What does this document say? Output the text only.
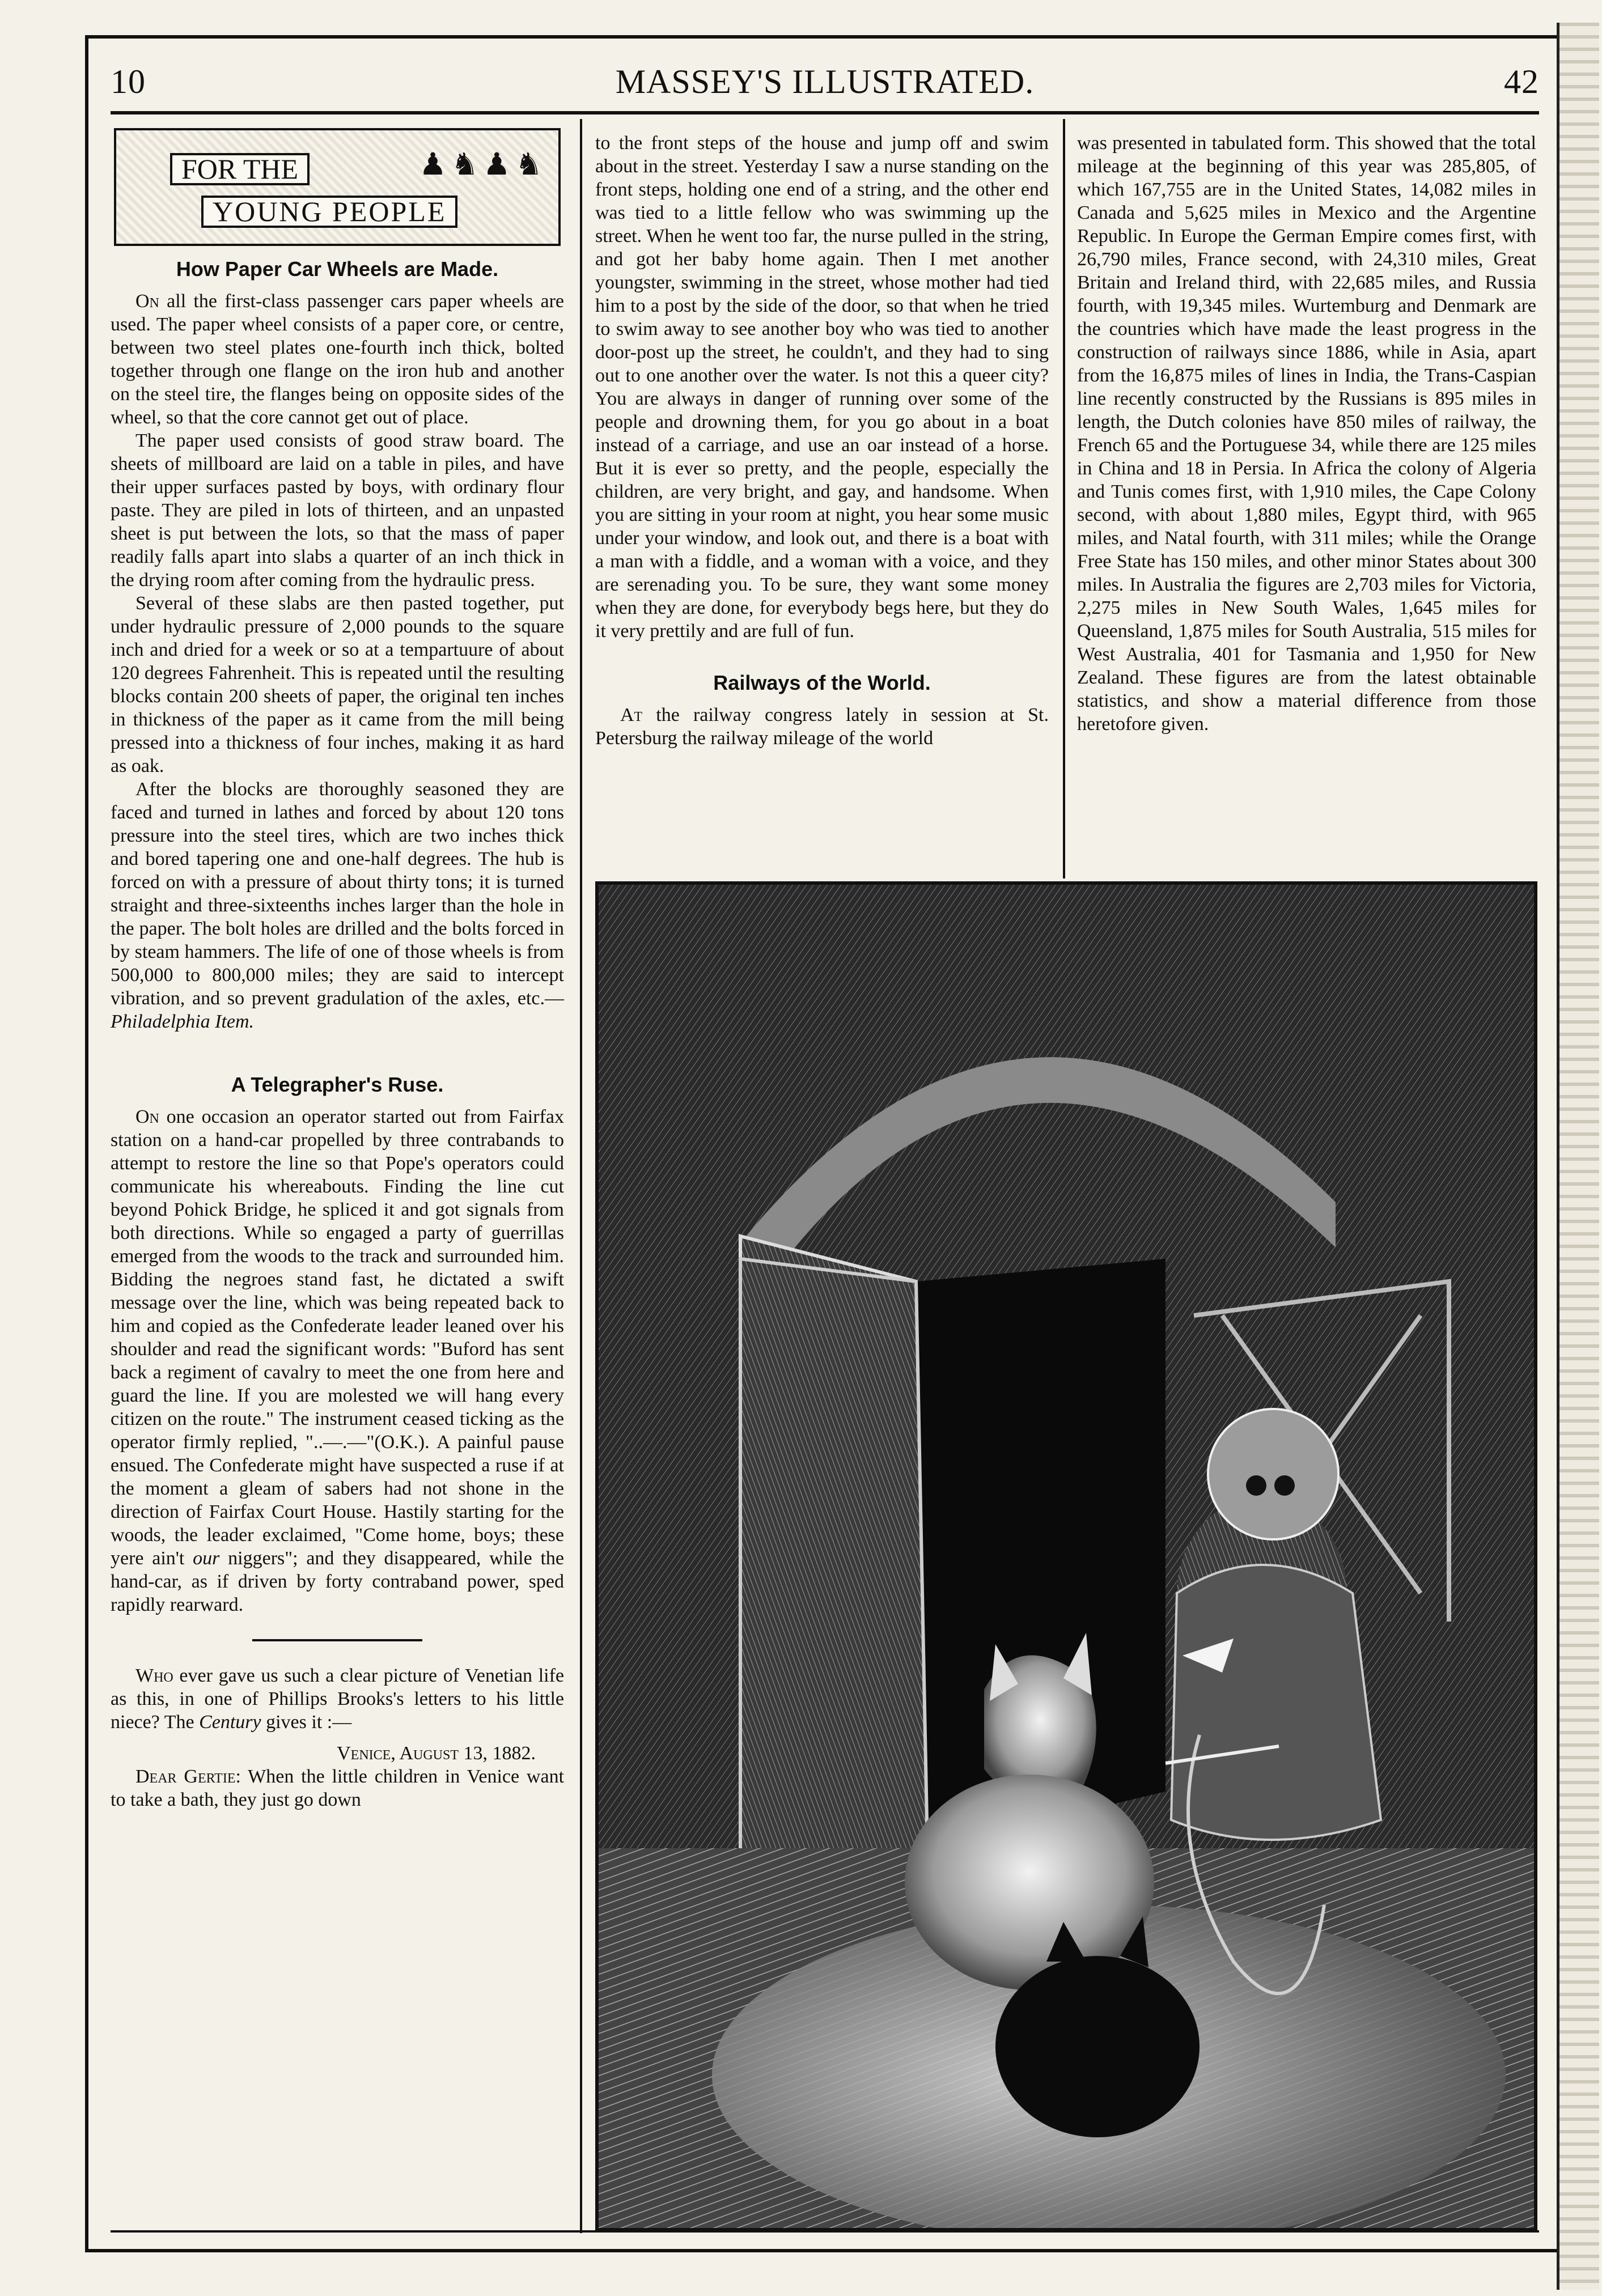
10	MASSEY'S ILLUSTRATED.	42
FOR THE
YOUNG PEOPLE
♟♞♟♞
How Paper Car Wheels are Made.

On all the first-class passenger cars paper wheels are used. The paper wheel consists of a paper core, or centre, between two steel plates one-fourth inch thick, bolted together through one flange on the iron hub and another on the steel tire, the flanges being on opposite sides of the wheel, so that the core cannot get out of place.

The paper used consists of good straw board. The sheets of millboard are laid on a table in piles, and have their upper surfaces pasted by boys, with ordinary flour paste. They are piled in lots of thirteen, and an unpasted sheet is put between the lots, so that the mass of paper readily falls apart into slabs a quarter of an inch thick in the drying room after coming from the hydraulic press.

Several of these slabs are then pasted together, put under hydraulic pressure of 2,000 pounds to the square inch and dried for a week or so at a tempartuure of about 120 degrees Fahrenheit. This is repeated until the resulting blocks contain 200 sheets of paper, the original ten inches in thickness of the paper as it came from the mill being pressed into a thickness of four inches, making it as hard as oak.

After the blocks are thoroughly seasoned they are faced and turned in lathes and forced by about 120 tons pressure into the steel tires, which are two inches thick and bored tapering one and one-half degrees. The hub is forced on with a pressure of about thirty tons; it is turned straight and three-sixteenths inches larger than the hole in the paper. The bolt holes are drilled and the bolts forced in by steam hammers. The life of one of those wheels is from 500,000 to 800,000 miles; they are said to intercept vibration, and so prevent gradulation of the axles, etc.—Philadelphia Item.

A Telegrapher's Ruse.

On one occasion an operator started out from Fairfax station on a hand-car propelled by three contrabands to attempt to restore the line so that Pope's operators could communicate his whereabouts. Finding the line cut beyond Pohick Bridge, he spliced it and got signals from both directions. While so engaged a party of guerrillas emerged from the woods to the track and surrounded him. Bidding the negroes stand fast, he dictated a swift message over the line, which was being repeated back to him and copied as the Confederate leader leaned over his shoulder and read the significant words: "Buford has sent back a regiment of cavalry to meet the one from here and guard the line. If you are molested we will hang every citizen on the route." The instrument ceased ticking as the operator firmly replied, "..—.—"(O.K.). A painful pause ensued. The Confederate might have suspected a ruse if at the moment a gleam of sabers had not shone in the direction of Fairfax Court House. Hastily starting for the woods, the leader exclaimed, "Come home, boys; these yere ain't our niggers"; and they disappeared, while the hand-car, as if driven by forty contraband power, sped rapidly rearward.

Who ever gave us such a clear picture of Venetian life as this, in one of Phillips Brooks's letters to his little niece? The Century gives it :—

Venice, August 13, 1882.

Dear Gertie: When the little children in Venice want to take a bath, they just go down

to the front steps of the house and jump off and swim about in the street. Yesterday I saw a nurse standing on the front steps, holding one end of a string, and the other end was tied to a little fellow who was swimming up the street. When he went too far, the nurse pulled in the string, and got her baby home again. Then I met another youngster, swimming in the street, whose mother had tied him to a post by the side of the door, so that when he tried to swim away to see another boy who was tied to another door-post up the street, he couldn't, and they had to sing out to one another over the water. Is not this a queer city? You are always in danger of running over some of the people and drowning them, for you go about in a boat instead of a carriage, and use an oar instead of a horse. But it is ever so pretty, and the people, especially the children, are very bright, and gay, and handsome. When you are sitting in your room at night, you hear some music under your window, and look out, and there is a boat with a man with a fiddle, and a woman with a voice, and they are serenading you. To be sure, they want some money when they are done, for everybody begs here, but they do it very prettily and are full of fun.

Railways of the World.

At the railway congress lately in session at St. Petersburg the railway mileage of the world

was presented in tabulated form. This showed that the total mileage at the beginning of this year was 285,805, of which 167,755 are in the United States, 14,082 miles in Canada and 5,625 miles in Mexico and the Argentine Republic. In Europe the German Empire comes first, with 26,790 miles, France second, with 24,310 miles, Great Britain and Ireland third, with 22,685 miles, and Russia fourth, with 19,345 miles. Wurtemburg and Denmark are the countries which have made the least progress in the construction of railways since 1886, while in Asia, apart from the 16,875 miles of lines in India, the Trans-Caspian line recently constructed by the Russians is 895 miles in length, the Dutch colonies have 850 miles of railway, the French 65 and the Portuguese 34, while there are 125 miles in China and 18 in Persia. In Africa the colony of Algeria and Tunis comes first, with 1,910 miles, the Cape Colony second, with about 1,880 miles, Egypt third, with 965 miles, and Natal fourth, with 311 miles; while the Orange Free State has 150 miles, and other minor States about 300 miles. In Australia the figures are 2,703 miles for Victoria, 2,275 miles in New South Wales, 1,645 miles for Queensland, 1,875 miles for South Australia, 515 miles for West Australia, 401 for Tasmania and 1,950 for New Zealand. These figures are from the latest obtainable statistics, and show a material difference from those heretofore given.
